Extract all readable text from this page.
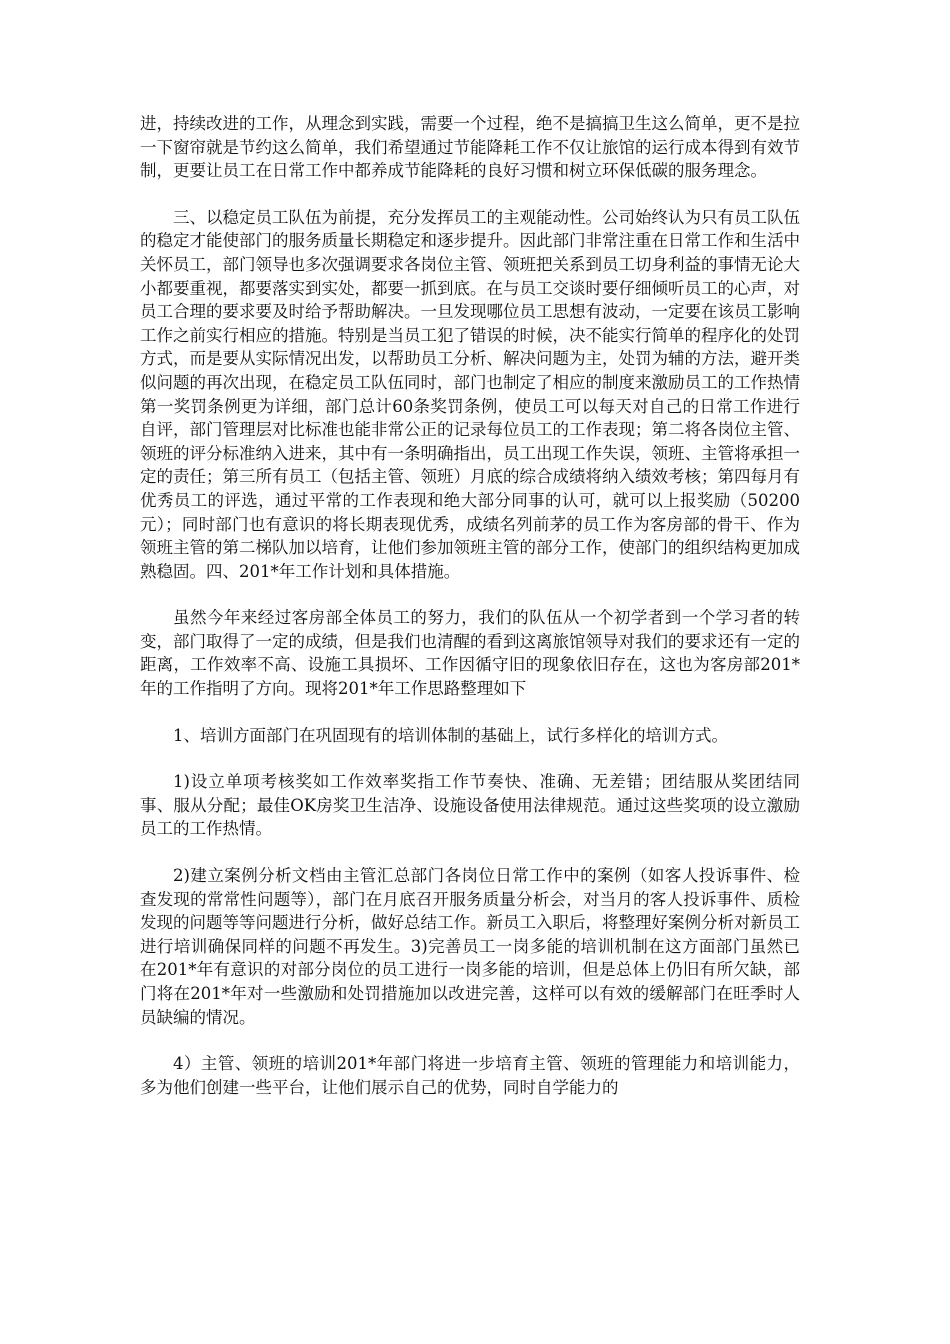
进，持续改进的工作，从理念到实践，需要一个过程，绝不是搞搞卫生这么简单，更不是拉一下窗帘就是节约这么简单，我们希望通过节能降耗工作不仅让旅馆的运行成本得到有效节制，更要让员工在日常工作中都养成节能降耗的良好习惯和树立环保低碳的服务理念。

三、以稳定员工队伍为前提，充分发挥员工的主观能动性。公司始终认为只有员工队伍的稳定才能使部门的服务质量长期稳定和逐步提升。因此部门非常注重在日常工作和生活中关怀员工，部门领导也多次强调要求各岗位主管、领班把关系到员工切身利益的事情无论大小都要重视，都要落实到实处，都要一抓到底。在与员工交谈时要仔细倾听员工的心声，对员工合理的要求要及时给予帮助解决。一旦发现哪位员工思想有波动，一定要在该员工影响工作之前实行相应的措施。特别是当员工犯了错误的时候，决不能实行简单的程序化的处罚方式，而是要从实际情况出发，以帮助员工分析、解决问题为主，处罚为辅的方法，避开类似问题的再次出现，在稳定员工队伍同时，部门也制定了相应的制度来激励员工的工作热情第一奖罚条例更为详细，部门总计60条奖罚条例，使员工可以每天对自己的日常工作进行自评，部门管理层对比标准也能非常公正的记录每位员工的工作表现；第二将各岗位主管、领班的评分标准纳入进来，其中有一条明确指出，员工出现工作失误，领班、主管将承担一定的责任；第三所有员工（包括主管、领班）月底的综合成绩将纳入绩效考核；第四每月有优秀员工的评选，通过平常的工作表现和绝大部分同事的认可，就可以上报奖励（50200元）；同时部门也有意识的将长期表现优秀，成绩名列前茅的员工作为客房部的骨干、作为领班主管的第二梯队加以培育，让他们参加领班主管的部分工作，使部门的组织结构更加成熟稳固。四、201*年工作计划和具体措施。

虽然今年来经过客房部全体员工的努力，我们的队伍从一个初学者到一个学习者的转变，部门取得了一定的成绩，但是我们也清醒的看到这离旅馆领导对我们的要求还有一定的距离，工作效率不高、设施工具损坏、工作因循守旧的现象依旧存在，这也为客房部201*年的工作指明了方向。现将201*年工作思路整理如下

1、培训方面部门在巩固现有的培训体制的基础上，试行多样化的培训方式。

1)设立单项考核奖如工作效率奖指工作节奏快、准确、无差错；团结服从奖团结同事、服从分配；最佳OK房奖卫生洁净、设施设备使用法律规范。通过这些奖项的设立激励员工的工作热情。

2)建立案例分析文档由主管汇总部门各岗位日常工作中的案例（如客人投诉事件、检查发现的常常性问题等），部门在月底召开服务质量分析会，对当月的客人投诉事件、质检发现的问题等等问题进行分析，做好总结工作。新员工入职后，将整理好案例分析对新员工进行培训确保同样的问题不再发生。3)完善员工一岗多能的培训机制在这方面部门虽然已在201*年有意识的对部分岗位的员工进行一岗多能的培训，但是总体上仍旧有所欠缺，部门将在201*年对一些激励和处罚措施加以改进完善，这样可以有效的缓解部门在旺季时人员缺编的情况。

4）主管、领班的培训201*年部门将进一步培育主管、领班的管理能力和培训能力，多为他们创建一些平台，让他们展示自己的优势，同时自学能力的
